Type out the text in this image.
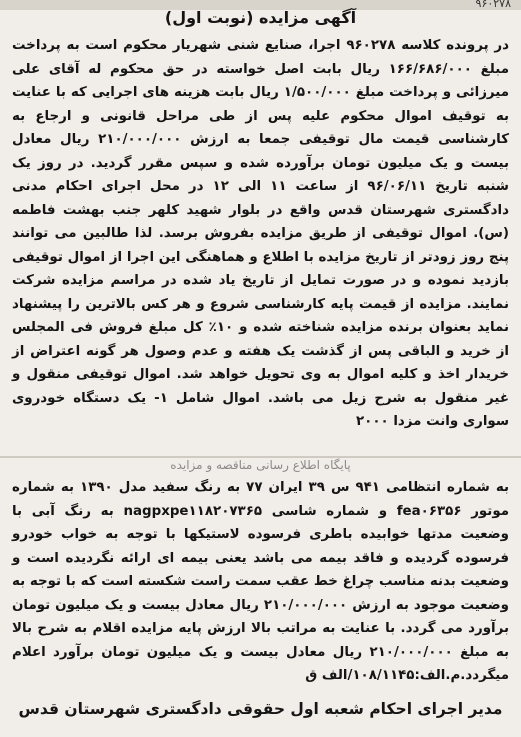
۹۶۰۲۷۸
آگهی مزایده (نوبت اول)
در پرونده کلاسه ۹۶۰۲۷۸ اجرا، صنایع شنی شهریار محکوم است به پرداخت مبلغ ۱۶۶/۶۸۶/۰۰۰ ریال بابت اصل خواسته در حق محکوم له آقای علی میرزائی و پرداخت مبلغ ۱/۵۰۰/۰۰۰ ریال بابت هزینه های اجرایی که با عنایت به توقیف اموال محکوم علیه پس از طی مراحل قانونی و ارجاع به کارشناسی قیمت مال توقیفی جمعا به ارزش ۲۱۰/۰۰۰/۰۰۰ ریال معادل بیست و یک میلیون تومان برآورده شده و سپس مقرر گردید. در روز یک شنبه تاریخ ۹۶/۰۶/۱۱ از ساعت ۱۱ الی ۱۲ در محل اجرای احکام مدنی دادگستری شهرستان قدس واقع در بلوار شهید کلهر جنب بهشت فاطمه (س). اموال توقیفی از طریق مزایده بفروش برسد. لذا طالبین می توانند پنج روز زودتر از تاریخ مزایده با اطلاع و هماهنگی این اجرا از اموال توقیفی بازدید نموده و در صورت تمایل از تاریخ یاد شده در مراسم مزایده شرکت نمایند. مزایده از قیمت پایه کارشناسی شروع و هر کس بالاترین را پیشنهاد نماید بعنوان برنده مزایده شناخته شده و ۱۰٪ کل مبلغ فروش فی المجلس از خرید و الباقی پس از گذشت یک هفته و عدم وصول هر گونه اعتراض از خریدار اخذ و کلیه اموال به وی تحویل خواهد شد. اموال توقیفی منقول و غیر منقول به شرح زیل می باشد. اموال شامل ۱- یک دستگاه خودروی سواری وانت مزدا ۲۰۰۰
پایگاه اطلاع رسانی مناقصه و مزایده
به شماره انتظامی ۹۴۱ س ۳۹ ایران ۷۷ به رنگ سفید مدل ۱۳۹۰ به شماره موتور fea۰۶۳۵۶ و شماره شاسی nagpxpe۱۱۸۲۰۷۳۶۵ به رنگ آبی با وضعیت مدتها خوابیده باطری فرسوده لاستیکها با توجه به خواب خودرو فرسوده گردیده و فاقد بیمه می باشد یعنی بیمه ای ارائه نگردیده است و وضعیت بدنه مناسب چراغ خط عقب سمت راست شکسته است که با توجه به وضعیت موجود به ارزش ۲۱۰/۰۰۰/۰۰۰ ریال معادل بیست و یک میلیون تومان برآورد می گردد. با عنایت به مراتب بالا ارزش پایه مزایده اقلام به شرح بالا به مبلغ ۲۱۰/۰۰۰/۰۰۰ ریال معادل بیست و یک میلیون تومان برآورد اعلام میگردد.م.الف:۱۰۸/۱۱۴۵/الف ق
مدیر اجرای احکام شعبه اول حقوقی دادگستری شهرستان قدس
